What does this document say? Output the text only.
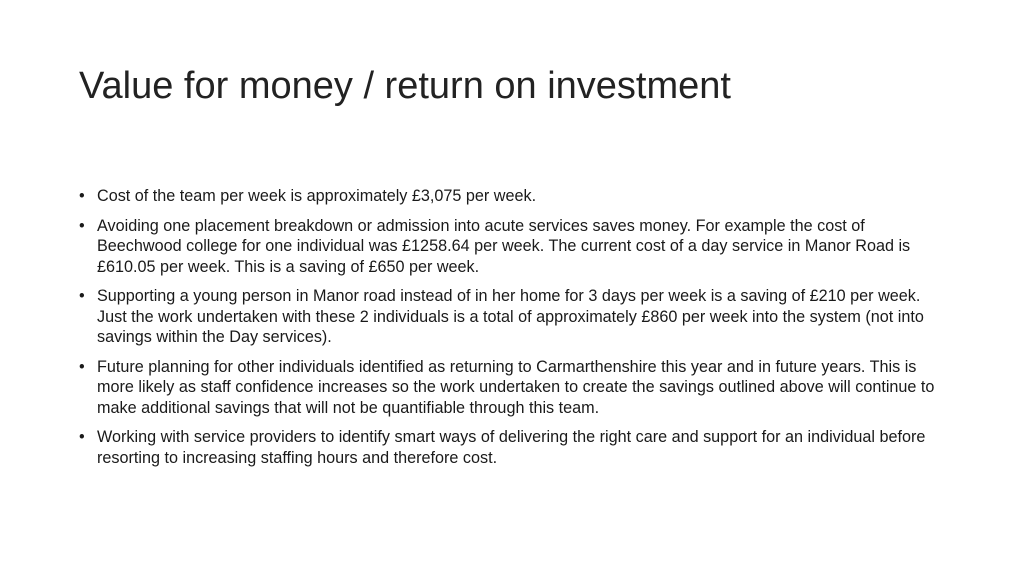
Value for money / return on investment
• Cost of the team per week is approximately £3,075 per week.
• Avoiding one placement breakdown or admission into acute services saves money. For example the cost of Beechwood college for one individual was £1258.64 per week. The current cost of a day service in Manor Road is £610.05 per week. This is a saving of £650 per week.
• Supporting a young person in Manor road instead of in her home for 3 days per week is a saving of £210 per week. Just the work undertaken with these 2 individuals is a total of approximately £860 per week into the system (not into savings within the Day services).
• Future planning for other individuals identified as returning to Carmarthenshire this year and in future years. This is more likely as staff confidence increases so the work undertaken to create the savings outlined above will continue to make additional savings that will not be quantifiable through this team.
• Working with service providers to identify smart ways of delivering the right care and support for an individual before resorting to increasing staffing hours and therefore cost.
